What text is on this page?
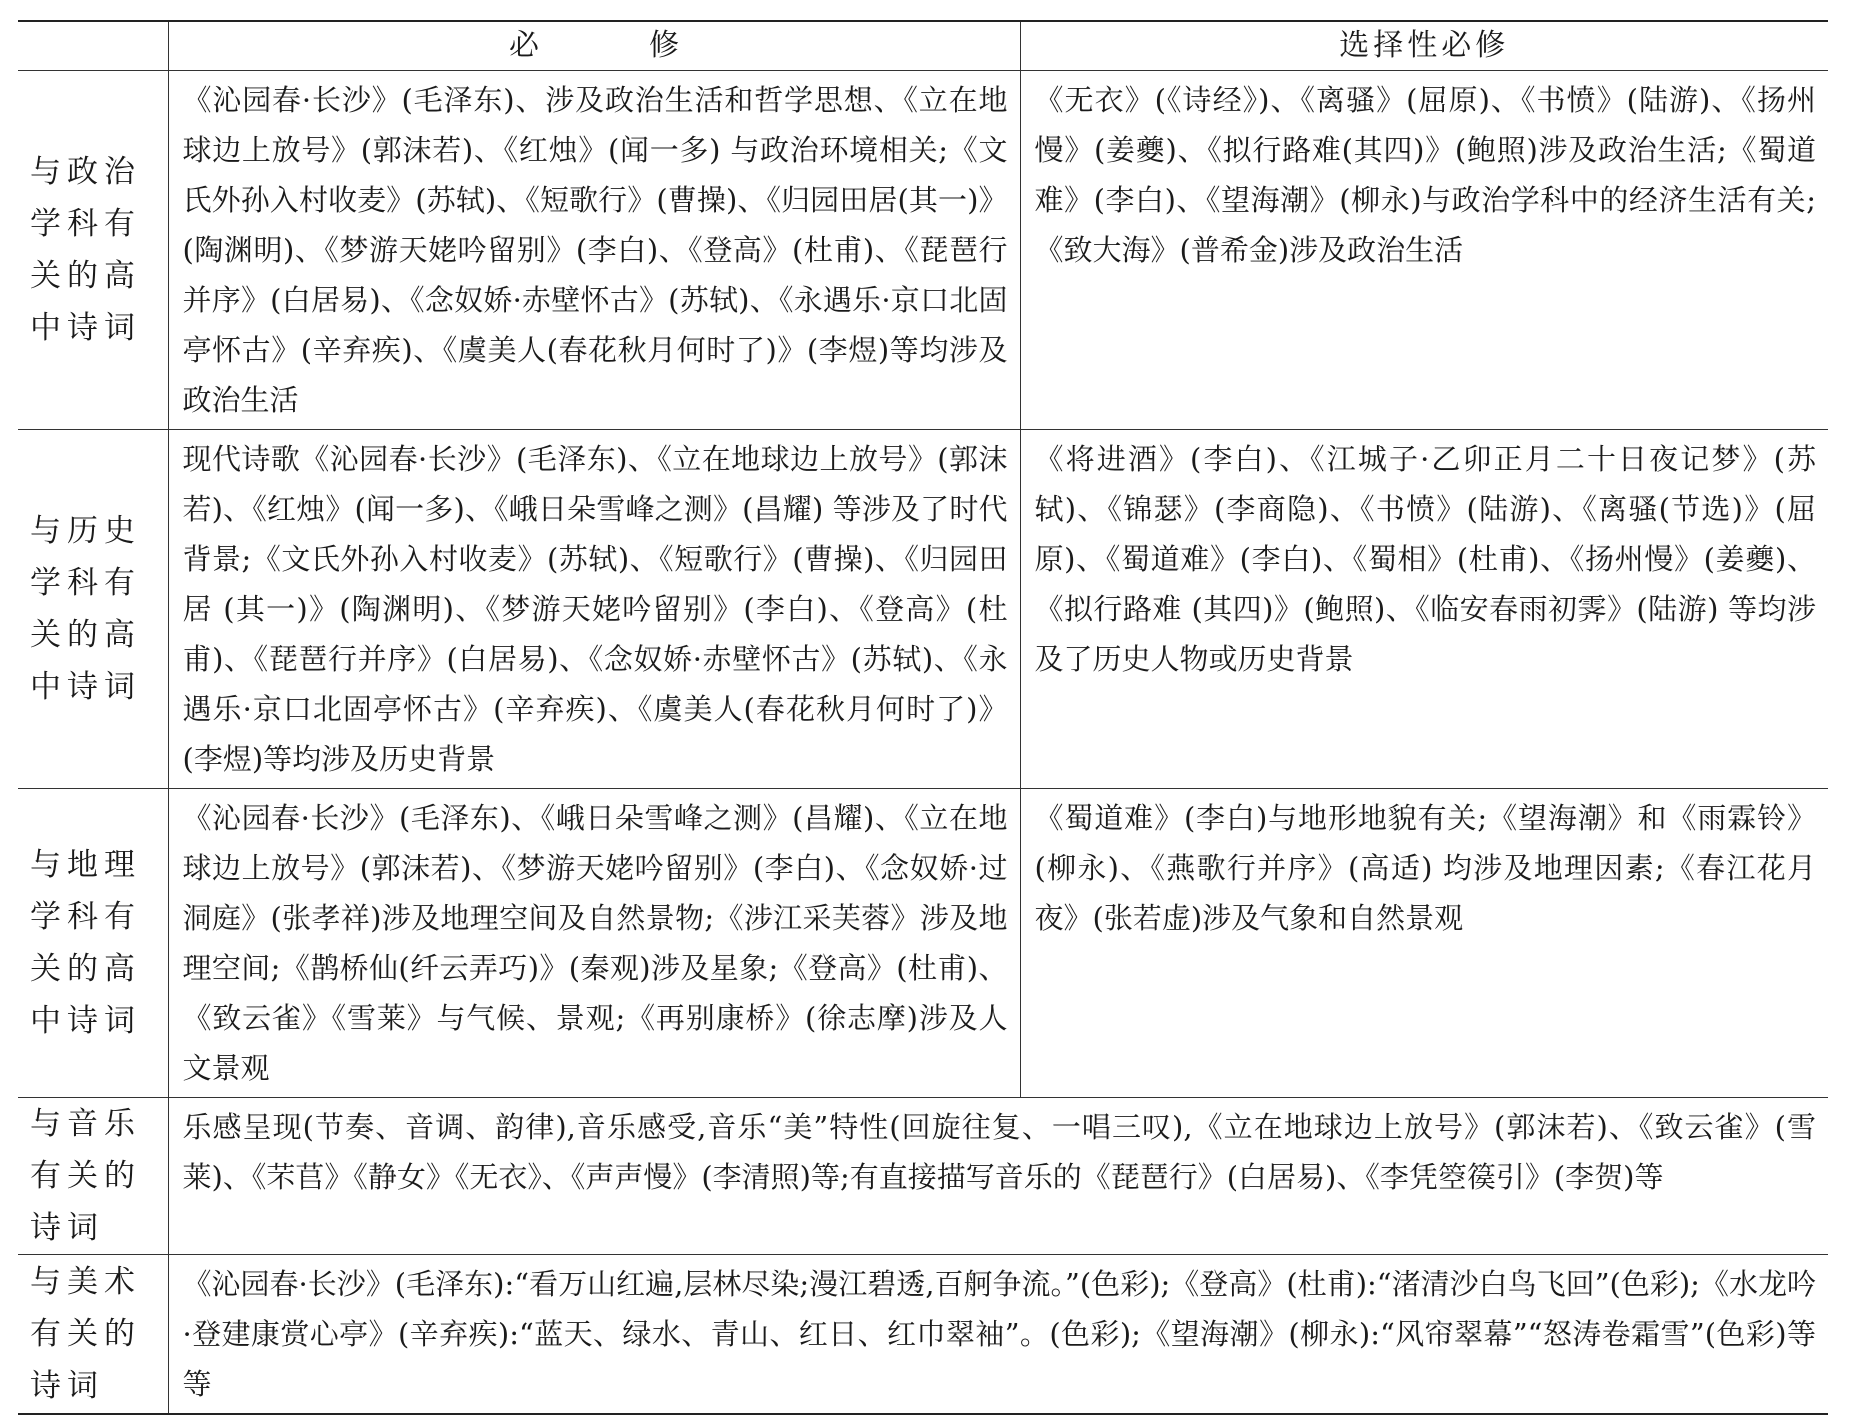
	必　修	选择性必修
与政治学科有关的高中诗词	《沁园春·长沙》(毛泽东)、涉及政治生活和哲学思想、《立在地球边上放号》(郭沫若)、《红烛》(闻一多) 与政治环境相关;《文氏外孙入村收麦》(苏轼)、《短歌行》(曹操)、《归园田居(其一)》(陶渊明)、《梦游天姥吟留别》(李白)、《登高》(杜甫)、《琵琶行并序》(白居易)、《念奴娇·赤壁怀古》(苏轼)、《永遇乐·京口北固亭怀古》(辛弃疾)、《虞美人(春花秋月何时了)》(李煜)等均涉及政治生活	《无衣》(《诗经》)、《离骚》(屈原)、《书愤》(陆游)、《扬州慢》(姜夔)、《拟行路难(其四)》(鲍照)涉及政治生活;《蜀道难》(李白)、《望海潮》(柳永)与政治学科中的经济生活有关;《致大海》(普希金)涉及政治生活
与历史学科有关的高中诗词	现代诗歌《沁园春·长沙》(毛泽东)、《立在地球边上放号》(郭沫若)、《红烛》(闻一多)、《峨日朵雪峰之测》(昌耀) 等涉及了时代背景;《文氏外孙入村收麦》(苏轼)、《短歌行》(曹操)、《归园田居 (其一)》(陶渊明)、《梦游天姥吟留别》(李白)、《登高》(杜甫)、《琵琶行并序》(白居易)、《念奴娇·赤壁怀古》(苏轼)、《永遇乐·京口北固亭怀古》(辛弃疾)、《虞美人(春花秋月何时了)》(李煜)等均涉及历史背景	《将进酒》(李白)、《江城子·乙卯正月二十日夜记梦》(苏轼)、《锦瑟》(李商隐)、《书愤》(陆游)、《离骚(节选)》(屈原)、《蜀道难》(李白)、《蜀相》(杜甫)、《扬州慢》(姜夔)、《拟行路难 (其四)》(鲍照)、《临安春雨初霁》(陆游) 等均涉及了历史人物或历史背景
与地理学科有关的高中诗词	《沁园春·长沙》(毛泽东)、《峨日朵雪峰之测》(昌耀)、《立在地球边上放号》(郭沫若)、《梦游天姥吟留别》(李白)、《念奴娇·过洞庭》(张孝祥)涉及地理空间及自然景物;《涉江采芙蓉》涉及地理空间;《鹊桥仙(纤云弄巧)》(秦观)涉及星象;《登高》(杜甫)、《致云雀》《雪莱》与气候、景观;《再别康桥》(徐志摩)涉及人文景观	《蜀道难》(李白)与地形地貌有关;《望海潮》和《雨霖铃》(柳永)、《燕歌行并序》(高适) 均涉及地理因素;《春江花月夜》(张若虚)涉及气象和自然景观
与音乐有关的诗词	乐感呈现(节奏、音调、韵律),音乐感受,音乐“美”特性(回旋往复、一唱三叹),《立在地球边上放号》(郭沫若)、《致云雀》(雪莱)、《芣苢》《静女》《无衣》、《声声慢》(李清照)等;有直接描写音乐的《琵琶行》(白居易)、《李凭箜篌引》(李贺)等	
与美术有关的诗词	《沁园春·长沙》(毛泽东):“看万山红遍,层林尽染;漫江碧透,百舸争流。”(色彩);《登高》(杜甫):“渚清沙白鸟飞回”(色彩);《水龙吟·登建康赏心亭》(辛弃疾):“蓝天、绿水、青山、红日、红巾翠袖”。(色彩);《望海潮》(柳永):“风帘翠幕”“怒涛卷霜雪”(色彩)等等	
